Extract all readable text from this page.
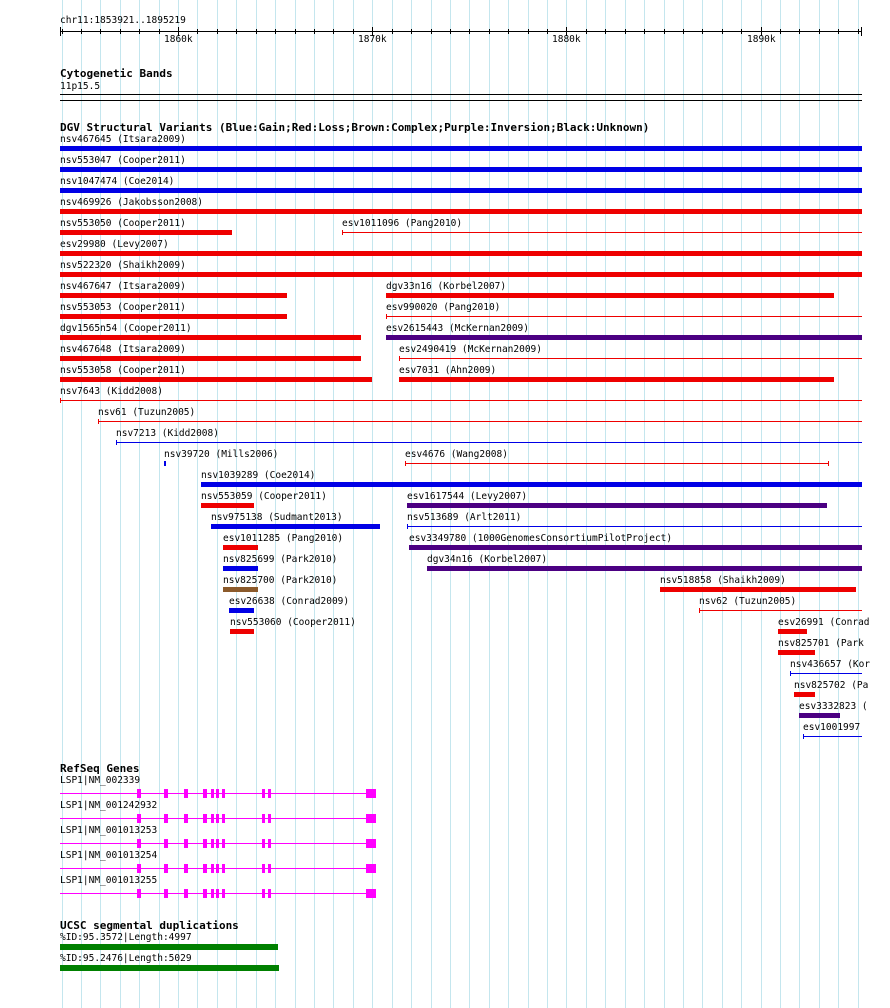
chr11:1853921..1895219
1860k	1870k	1880k	1890k
Cytogenetic Bands
11p15.5
DGV Structural Variants (Blue:Gain;Red:Loss;Brown:Complex;Purple:Inversion;Black:Unknown)
nsv467645 (Itsara2009)
nsv553047 (Cooper2011)
nsv1047474 (Coe2014)
nsv469926 (Jakobsson2008)
nsv553050 (Cooper2011)	esv1011096 (Pang2010)
esv29980 (Levy2007)
nsv522320 (Shaikh2009)
nsv467647 (Itsara2009)	dgv33n16 (Korbel2007)
nsv553053 (Cooper2011)	esv990020 (Pang2010)
dgv1565n54 (Cooper2011)	esv2615443 (McKernan2009)
nsv467648 (Itsara2009)	esv2490419 (McKernan2009)
nsv553058 (Cooper2011)	esv7031 (Ahn2009)
nsv7643 (Kidd2008)
nsv61 (Tuzun2005)
nsv7213 (Kidd2008)
nsv39720 (Mills2006)	esv4676 (Wang2008)
nsv1039289 (Coe2014)
nsv553059 (Cooper2011)	esv1617544 (Levy2007)
nsv975138 (Sudmant2013)	nsv513689 (Arlt2011)
esv1011285 (Pang2010)	esv3349780 (1000GenomesConsortiumPilotProject)
nsv825699 (Park2010)	dgv34n16 (Korbel2007)
nsv825700 (Park2010)	nsv518858 (Shaikh2009)
esv26638 (Conrad2009)	nsv62 (Tuzun2005)
nsv553060 (Cooper2011)	esv26991 (Conrad
nsv825701 (Park
nsv436657 (Kor
nsv825702 (Pa
esv3332823 (
esv1001997
RefSeq Genes
LSP1|NM_002339
LSP1|NM_001242932
LSP1|NM_001013253
LSP1|NM_001013254
LSP1|NM_001013255
UCSC segmental duplications
%ID:95.3572|Length:4997
%ID:95.2476|Length:5029
